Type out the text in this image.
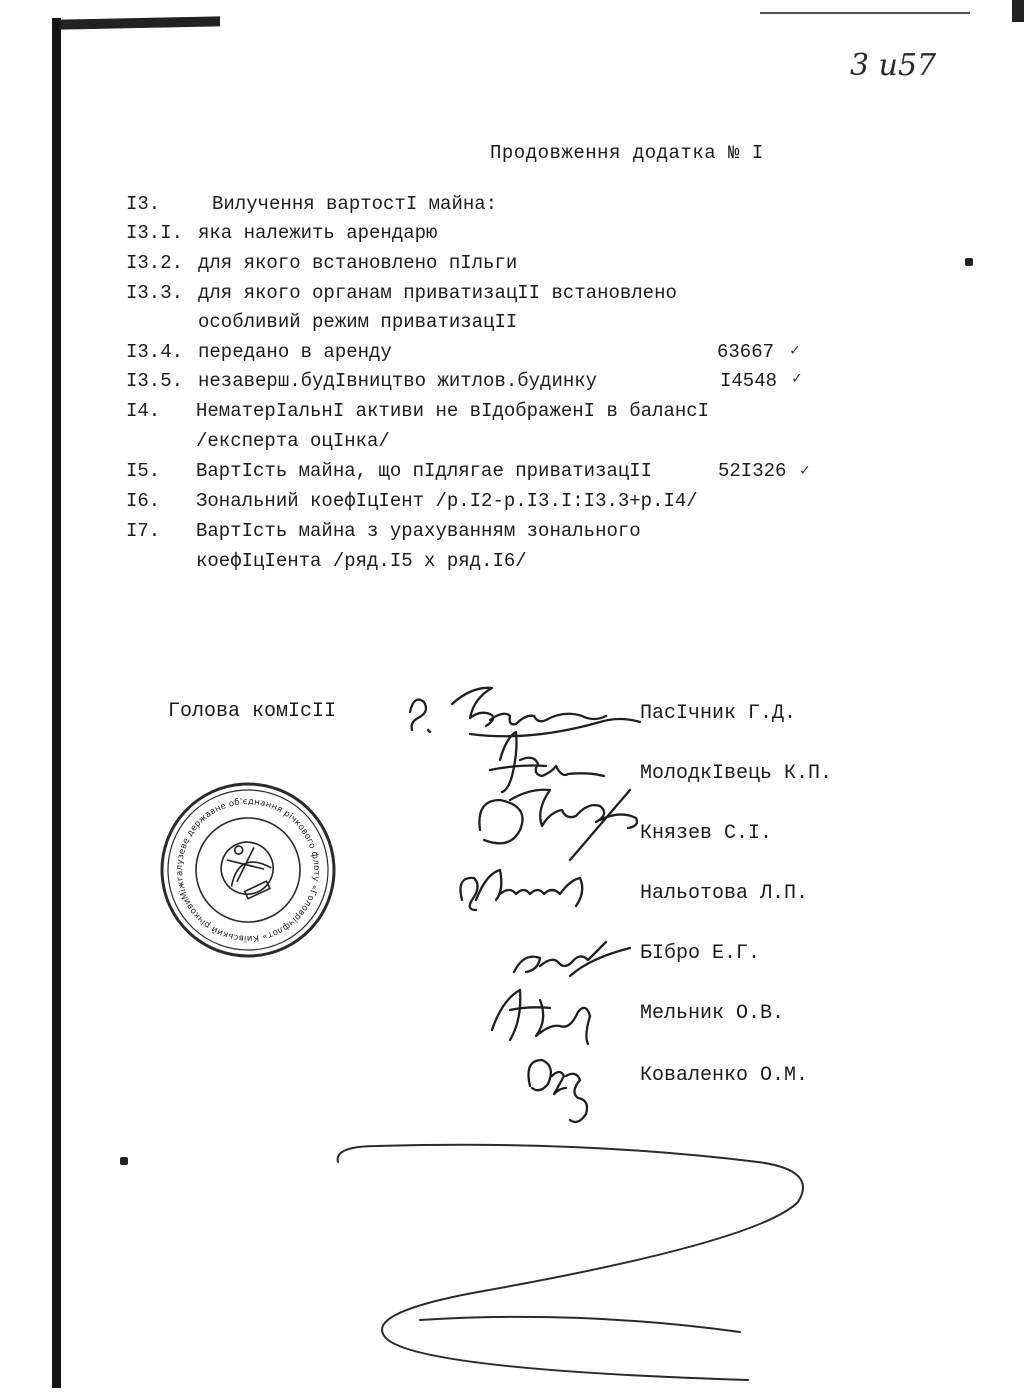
3 и57
Продовження додатка № I
I3.	Вилучення вартостI майна:
I3.I. яка належить арендарю
I3.2. для якого встановлено пIльги
I3.3. для якого органам приватизацII встановлено
особливий режим приватизацII
I3.4. передано в аренду	63667 ✓
I3.5. незаверш.будIвництво житлов.будинку	I4548 ✓
I4. НематерIальнI активи не вIдображенI в балансI
/експерта оцIнка/
I5. ВартIсть майна, що пIдлягае приватизацII	52I326 ✓
I6. Зональний коефIцIент /р.I2-р.I3.I:I3.3+р.I4/
I7. ВартIсть майна з урахуванням зонального
коефIцIента /ряд.I5 х ряд.I6/
Голова комIсII	ПасIчник Г.Д.
МолодкIвець К.П.
Князев С.I.
Нальотова Л.П.
БIбро Е.Г.
Мельник О.В.
Коваленко О.М.
Міжгалузеве державне об'єднання річкового флоту «Головрічфлот» Київський річковий
